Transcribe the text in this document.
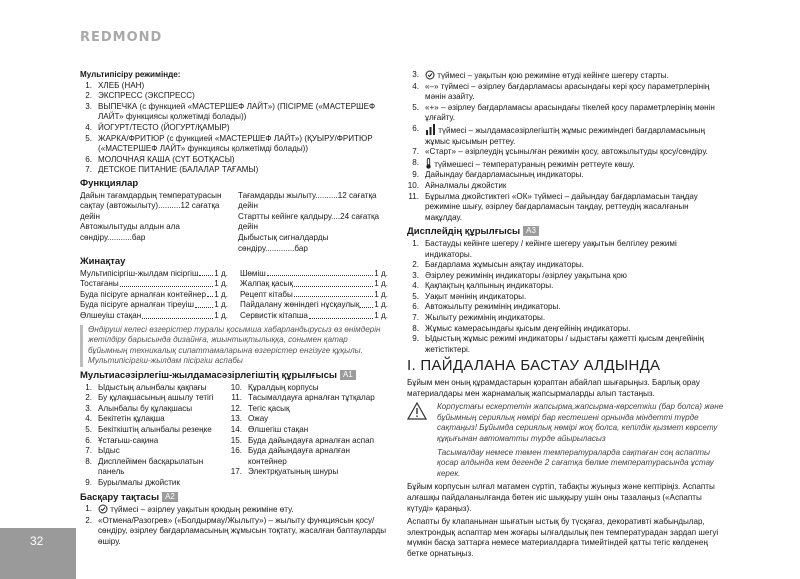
REDMOND
Мультипісіру режимінде:
1. ХЛЕБ (НАН)
2. ЭКСПРЕСС (ЭКСПРЕСС)
3. ВЫПЕЧКА (с функцией «МАСТЕРШЕФ ЛАЙТ») (ПІСІРМЕ («МАСТЕРШЕФ ЛАЙТ» функциясы қолжетімді болады))
4. ЙОГУРТ/ТЕСТО (ЙОГУРТ/ҚАМЫР)
5. ЖАРКА/ФРИТЮР (с функцией «МАСТЕРШЕФ ЛАЙТ») (ҚУЫРУ/ФРИТЮР («МАСТЕРШЕФ ЛАЙТ» функциясы қолжетімді болады))
6. МОЛОЧНАЯ КАША (СҮТ БОТҚАСЫ)
7. ДЕТСКОЕ ПИТАНИЕ (БАЛАЛАР ТАҒАМЫ)
Функциялар
Дайын тағамдардың температурасын
сақтау (автожылыту)..........12 сағатқа дейін
Автожылытуды алдын ала сөндіру...........бар
Тағамдарды жылыту..........12 сағатқа дейін
Стартты кейінге қалдыру....24 сағатқа дейін
Дыбыстық сигналдарды сөндіру.............бар
Жинақтау
Мультипісіргіш-жылдам пісіргіш 1 д.
Тостағаны	1 д.
Буда пісіруге арналған контейнер 1 д.
Буда пісіруге арналған тіреуіш	1 д.
Өлшеуіш стақан	1 д.
Шөміш	1 д.
Жалпақ қасық	1 д.
Рецепт кітабы	1 д.
Пайдалану жөніндегі нұсқаулық 1 д.
Сервистік кітапша	1 д.
Өндіруші келесі өзгерістер туралы қосымша хабарландырусыз өз өнімдерін жетілдіру барысында дизайнға, жиынтықтылыққа, сонымен қатар бұйымның техникалық сипаттамаларына өзгерістер енгізуге құқылы. Мультипісіргіш-жылдам пісіргіш аспабы
Мультиасәзірлегіш-жылдамасәзірлегіштің құрылғысы A1
1. Ыдыстың алынбалы қақпағы
2. Бу құлақшасының ашылу тетігі
3. Алынбалы бу құлақшасы
4. Бекітетін құлақша
5. Бекіткіштің алынбалы резеңке
6. Ұстағыш-сақина
7. Ыдыс
8. Дисплейімен басқарылатын панель
9. Бурылмалы джойстик
10. Құралдың корпусы
11. Тасымалдауға арналған тұтқалар
12. Тегіс қасық
13. Ожау
14. Өлшегіш стақан
15. Буда дайындауға арналған аспап
16. Буда дайындауға арналған контейнер
17. Электрқуатының шнуры
Басқару тақтасы A2
1. түймесі – әзірлеу уақытын қоюдың режиміне өту.
2. «Отмена/Разогрев» («Болдырмау/Жылыту») – жылыту функциясын қосу/сөндіру, әзірлеу бағдарламасының жұмысын тоқтату, жасалған баптауларды өшіру.
3. түймесі – уақытын қою режиміне өтуді кейінге шегеру старты.
4. «–» түймесі – әзірлеу бағдарламасы арасындағы кері қосу параметрлерінің мәнін азайту.
5. «+» – әзірлеу бағдарламасы арасындағы тікелей қосу параметрлерінің мәнін ұлғайту.
6. түймесі – жылдамасәзірлегіштің жұмыс режиміндегі бағдарламасының жұмыс қысымын реттеу.
7. «Старт» – әзірлеудің ұсынылған режимін қосу, автожылытуды қосу/сөндіру.
8. түймешесі – температураның режимін реттеуге көшу.
9. Дайындау бағдарламасының индикаторы.
10. Айналмалы джойстик
11. Бұрылма джойстиктегі «ОК» түймесі – дайындау бағдарламасын таңдау режиміне шығу, әзірлеу бағдарламасын таңдау, реттеудің жасалғанын мақұлдау.
Дисплейдің құрылғысы A3
1. Бастауды кейінге шегеру / кейінге шегеру уақытын белгілеу режимі индикаторы.
2. Бағдарлама жұмысын аяқтау индикаторы.
3. Әзірлеу режимінің индикаторы /әзірлеу уақытына қою
4. Қақпақтың қалпының индикаторы.
5. Уақыт мәнінің индикаторы.
6. Автожылыту режимінің индикаторы.
7. Жылыту режимінің индикаторы.
8. Жұмыс камерасындағы қысым деңгейінің индикаторы.
9. Ыдыстың жұмыс режимі индикаторы / ыдыстағы қажетті қысым деңгейінің жетістіктері.
I. ПАЙДАЛАНА БАСТАУ АЛДЫНДА
Бұйым мен оның құрамдастарын қораптан абайлап шығарыңыз. Барлық орау материалдары мен жарнамалық жапсырмаларды алып тастаңыз.
Корпустағы ескертетін жапсырма,жапсырма-көрсеткіш (бар болса) және бұйымның сериялық нөмірі бар кестешені орнында міндетті түрде сақтаңыз! Бұйымда сериялық нөмірі жоқ болса, кепілдік қызмет көрсету құқығынан автоматты түрде айырыласыз
Тасымалдау немесе төмен температураларда сақтаған соң аспапты қосар алдында кем дегенде 2 сағатқа бөлме температурасында ұстау керек.
Бұйым корпусын ылғал матамен сүртіп, табақты жуыңыз және кептіріңіз. Аспапты алғашқы пайдаланылғанда бөтен иіс шыққыру ушін оны тазалаңыз («Аспапты күтуді» қараңыз).
Аспапты бу клапанынан шығатын ыстық бу түсқағаз, декоративті жабындылар, электрондық аспаптар мен жоғары ылғалдылық пен температурадан зардап шегуі мүмкін басқа заттарға немесе материалдарға тимейтіндей қатты тегіс көлденең бетке орнатыңыз.
32
